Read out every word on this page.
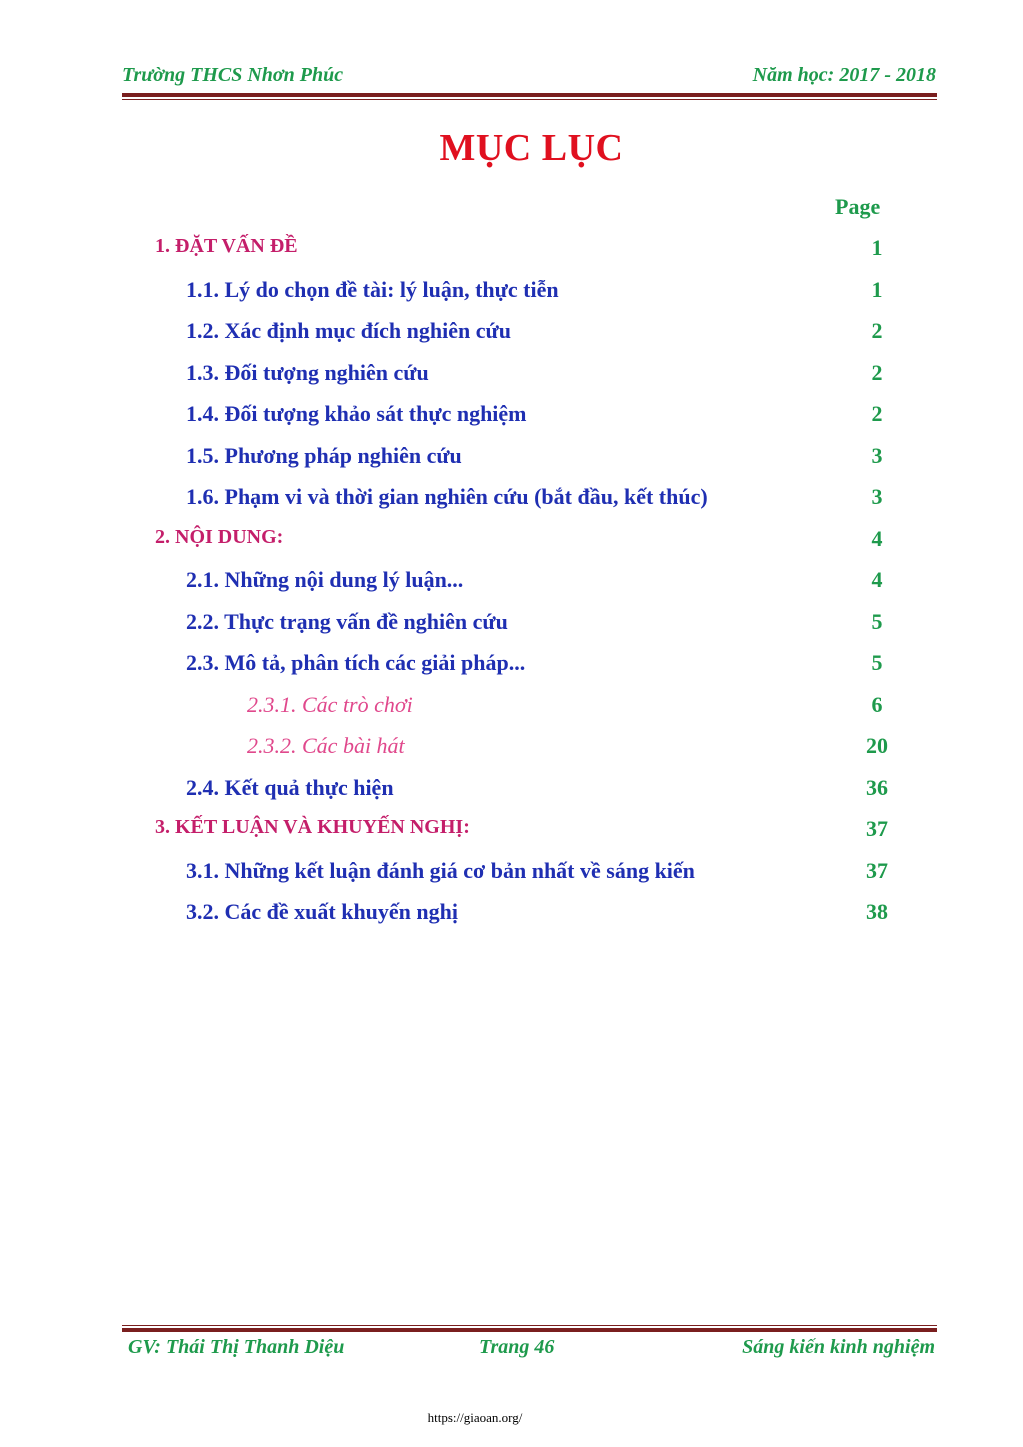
Trường THCS Nhơn Phúc	Năm học: 2017 - 2018
MỤC LỤC
Page
1. ĐẶT VẤN ĐỀ	1
1.1. Lý do chọn đề tài: lý luận, thực tiễn	1
1.2. Xác định mục đích nghiên cứu	2
1.3. Đối tượng nghiên cứu	2
1.4. Đối tượng khảo sát thực nghiệm	2
1.5. Phương pháp nghiên cứu	3
1.6. Phạm vi và thời gian nghiên cứu (bắt đầu, kết thúc)	3
2. NỘI DUNG:	4
2.1. Những nội dung lý luận...	4
2.2. Thực trạng vấn đề nghiên cứu	5
2.3. Mô tả, phân tích các giải pháp...	5
2.3.1. Các trò chơi	6
2.3.2. Các bài hát	20
2.4. Kết quả thực hiện	36
3. KẾT LUẬN VÀ KHUYẾN NGHỊ:	37
3.1. Những kết luận đánh giá cơ bản nhất về sáng kiến	37
3.2. Các đề xuất khuyến nghị	38
GV: Thái Thị Thanh Diệu	Trang 46	Sáng kiến kinh nghiệm
https://giaoan.org/
